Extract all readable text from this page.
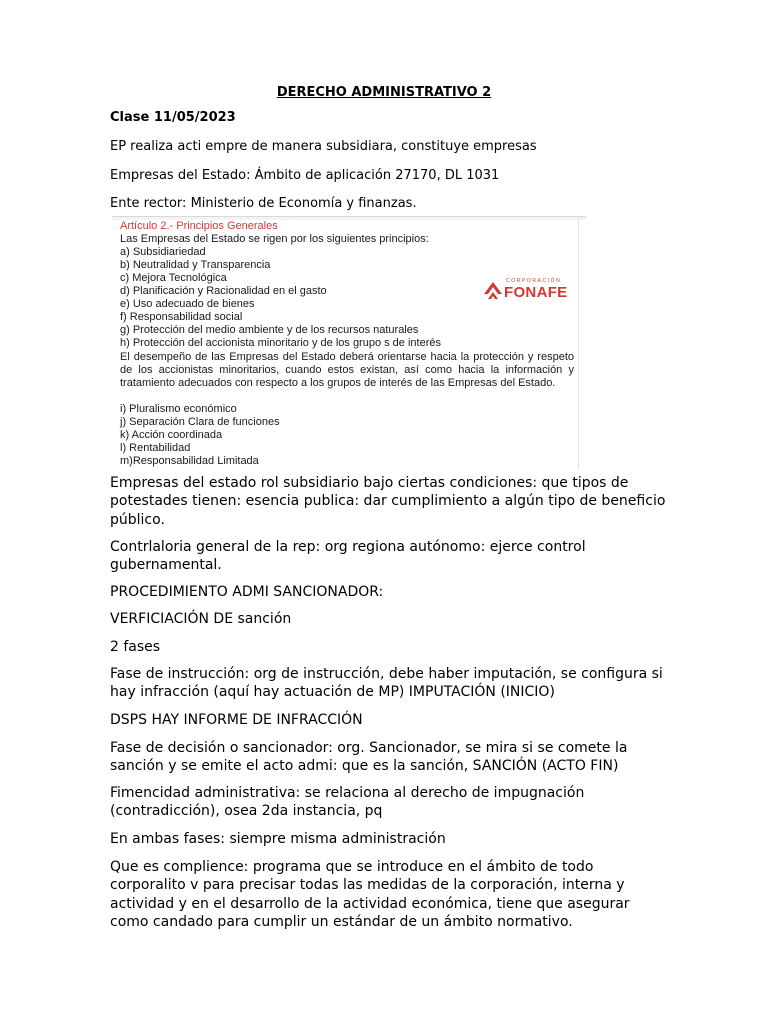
DERECHO ADMINISTRATIVO 2
Clase 11/05/2023
EP realiza acti empre de manera subsidiara, constituye empresas
Empresas del Estado: Ámbito de aplicación 27170, DL 1031
Ente rector: Ministerio de Economía y finanzas.
Artículo 2.- Principios Generales
Las Empresas del Estado se rigen por los siguientes principios:
a) Subsidiariedad
b) Neutralidad y Transparencia
c) Mejora Tecnológica
d) Planificación y Racionalidad en el gasto
e) Uso adecuado de bienes
f) Responsabilidad social
g) Protección del medio ambiente y de los recursos naturales
h) Protección del accionista minoritario y de los grupo s de interés

El desempeño de las Empresas del Estado deberá orientarse hacia la protección y respeto de los accionistas minoritarios, cuando estos existan, así como hacia la información y tratamiento adecuados con respecto a los grupos de interés de las Empresas del Estado.

i) Pluralismo económico
j) Separación Clara de funciones
k) Acción coordinada
l) Rentabilidad
m)Responsabilidad Limitada
CORPORACIÓN
FONAFE
Empresas del estado rol subsidiario bajo ciertas condiciones: que tipos de potestades tienen: esencia publica: dar cumplimiento a algún tipo de beneficio público.
Contrlaloria general de la rep: org regiona autónomo: ejerce control gubernamental.
PROCEDIMIENTO ADMI SANCIONADOR:
VERFICIACIÓN DE sanción
2 fases
Fase de instrucción: org de instrucción, debe haber imputación, se configura si hay infracción (aquí hay actuación de MP) IMPUTACIÓN (INICIO)
DSPS HAY INFORME DE INFRACCIÓN
Fase de decisión o sancionador: org. Sancionador, se mira si se comete la sanción y se emite el acto admi: que es la sanción, SANCIÓN (ACTO FIN)
Fimencidad administrativa: se relaciona al derecho de impugnación (contradicción), osea 2da instancia, pq
En ambas fases: siempre misma administración
Que es complience: programa que se introduce en el ámbito de todo corporalito v para precisar todas las medidas de la corporación, interna y actividad y en el desarrollo de la actividad económica, tiene que asegurar como candado para cumplir un estándar de un ámbito normativo.
